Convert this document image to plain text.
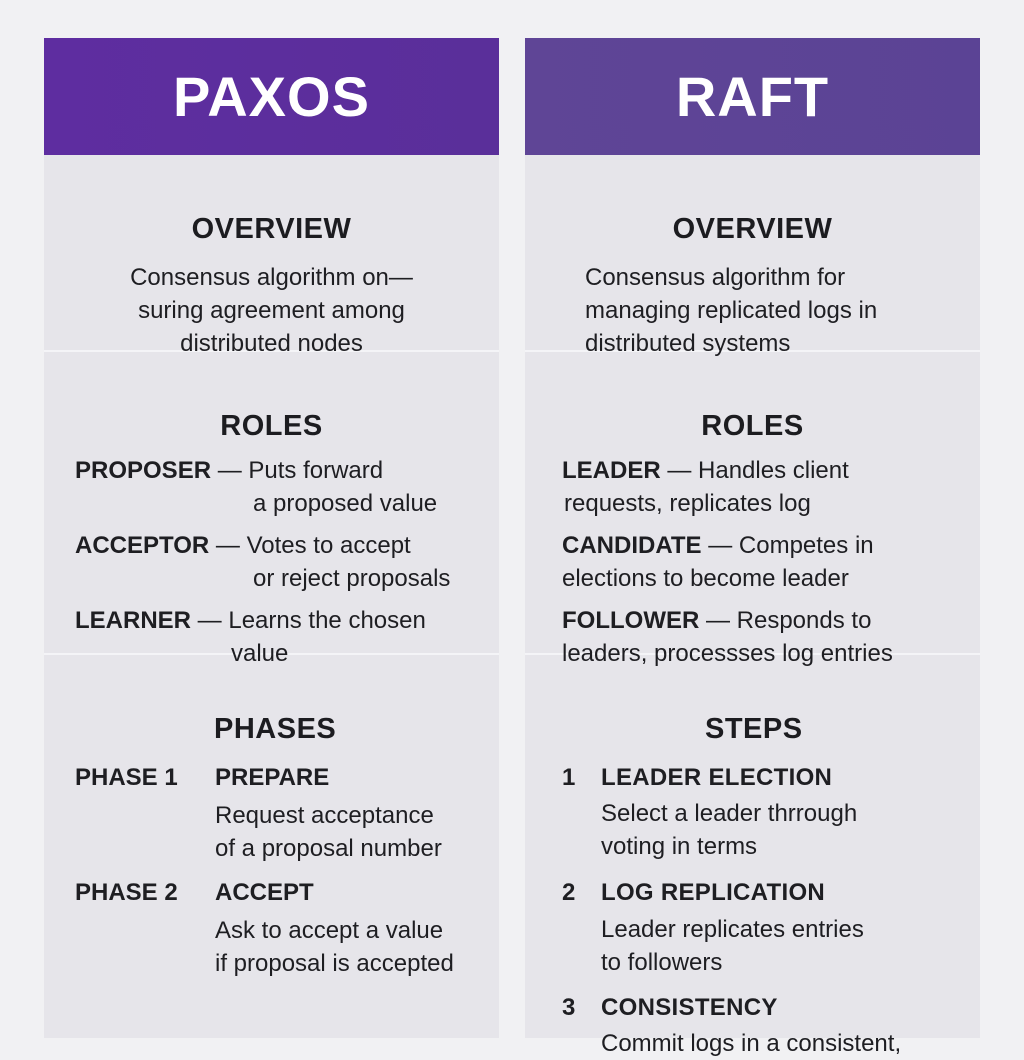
PAXOS
OVERVIEW
Consensus algorithm on—
suring agreement among
distributed nodes
ROLES
PROPOSER — Puts forward
a proposed value
ACCEPTOR — Votes to accept
or reject proposals
LEARNER — Learns the chosen
value
PHASES
PHASE 1 PREPARE
Request acceptance
of a proposal number
PHASE 2 ACCEPT
Ask to accept a value
if proposal is accepted
RAFT
OVERVIEW
Consensus algorithm for
managing replicated logs in
distributed systems
ROLES
LEADER — Handles client
requests, replicates log
CANDIDATE — Competes in
elections to become leader
FOLLOWER — Responds to
leaders, processses log entries
STEPS
1 LEADER ELECTION
Select a leader thrrough
voting in terms
2 LOG REPLICATION
Leader replicates entries
to followers
3 CONSISTENCY
Commit logs in a consistent,
